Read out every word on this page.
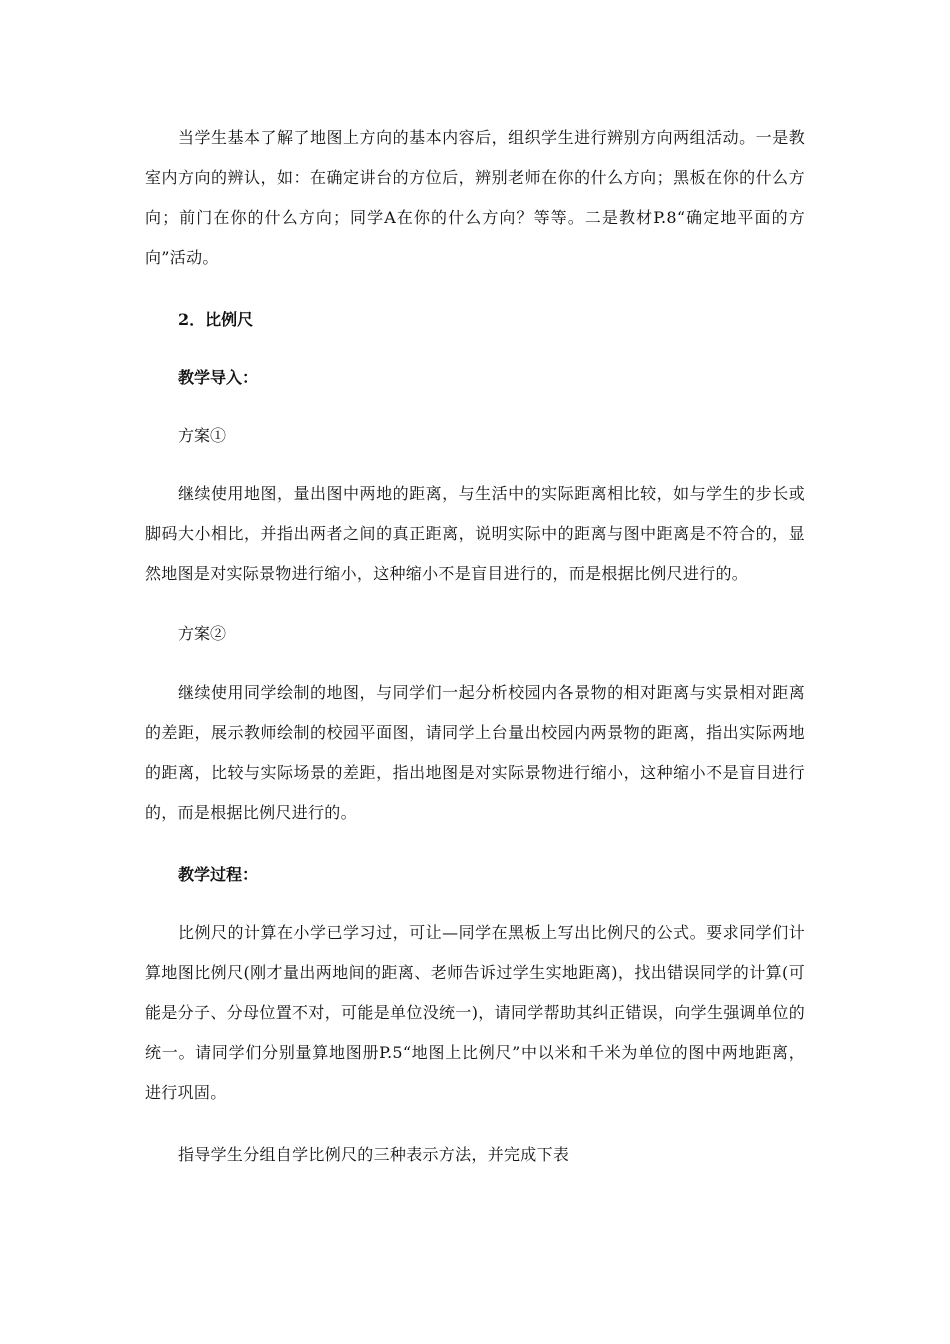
当学生基本了解了地图上方向的基本内容后，组织学生进行辨别方向两组活动。一是教室内方向的辨认，如：在确定讲台的方位后，辨别老师在你的什么方向；黑板在你的什么方向；前门在你的什么方向；同学A在你的什么方向？等等。二是教材P.8“确定地平面的方向”活动。

2．比例尺

教学导入：

方案①

继续使用地图，量出图中两地的距离，与生活中的实际距离相比较，如与学生的步长或脚码大小相比，并指出两者之间的真正距离，说明实际中的距离与图中距离是不符合的，显然地图是对实际景物进行缩小，这种缩小不是盲目进行的，而是根据比例尺进行的。

方案②

继续使用同学绘制的地图，与同学们一起分析校园内各景物的相对距离与实景相对距离的差距，展示教师绘制的校园平面图，请同学上台量出校园内两景物的距离，指出实际两地的距离，比较与实际场景的差距，指出地图是对实际景物进行缩小，这种缩小不是盲目进行的，而是根据比例尺进行的。

教学过程：

比例尺的计算在小学已学习过，可让—同学在黑板上写出比例尺的公式。要求同学们计算地图比例尺(刚才量出两地间的距离、老师告诉过学生实地距离)，找出错误同学的计算(可能是分子、分母位置不对，可能是单位没统一)，请同学帮助其纠正错误，向学生强调单位的统一。请同学们分别量算地图册P.5“地图上比例尺”中以米和千米为单位的图中两地距离，进行巩固。

指导学生分组自学比例尺的三种表示方法，并完成下表
